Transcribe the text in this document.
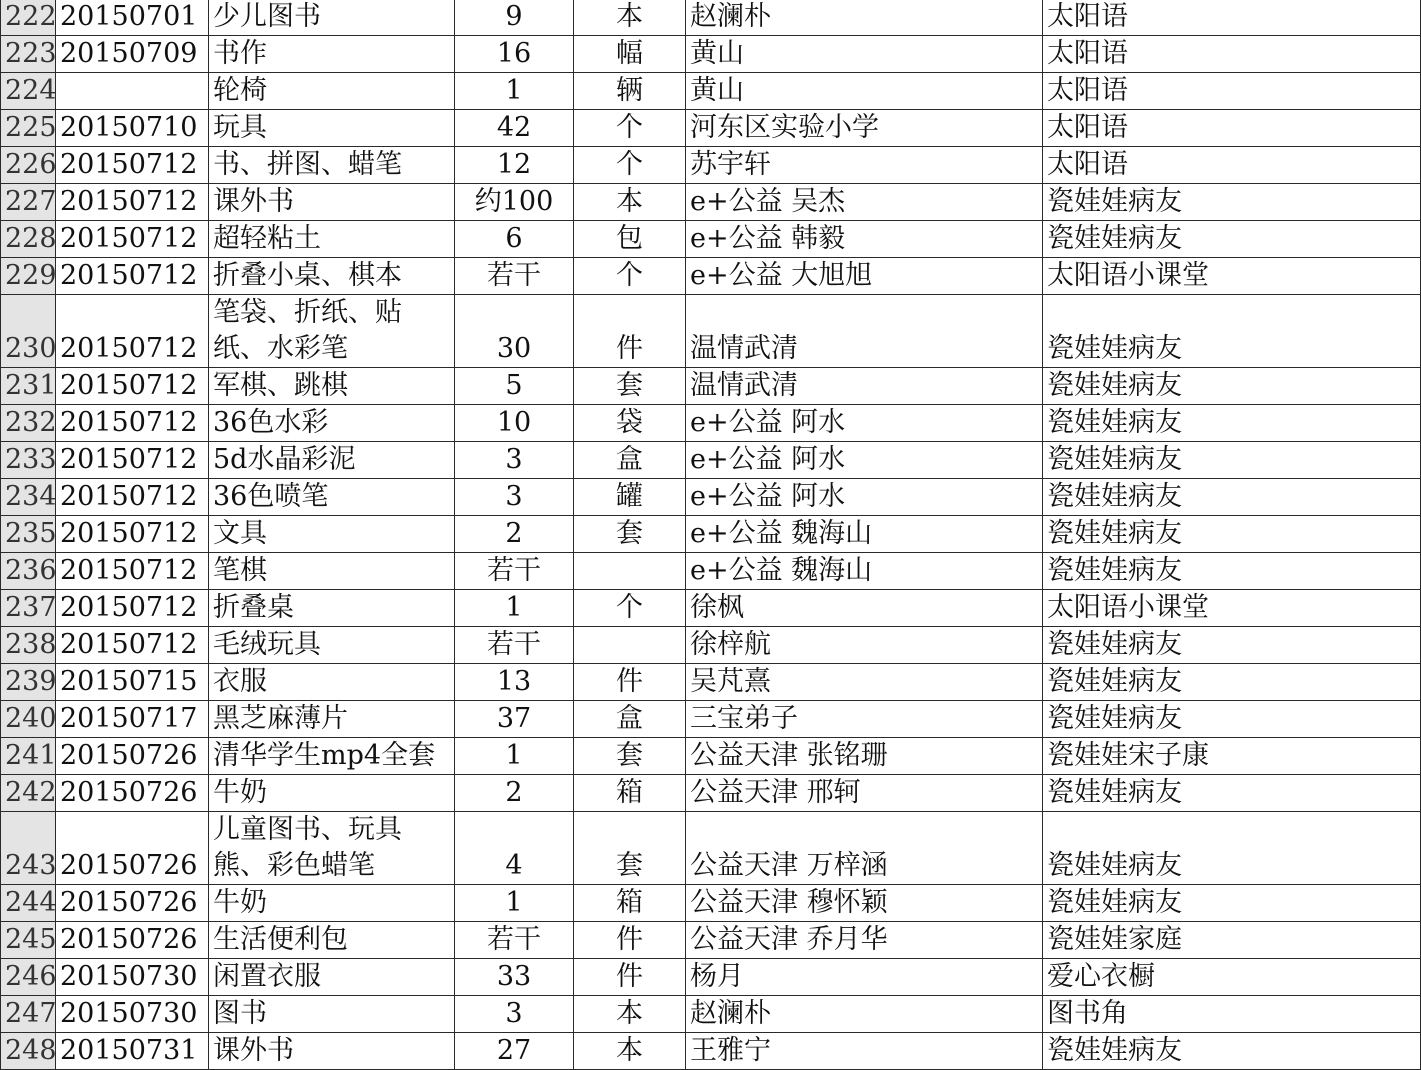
222	20150701	少儿图书	9	本	赵澜朴	太阳语

223	20150709	书作	16	幅	黄山	太阳语

224		轮椅	1	辆	黄山	太阳语

225	20150710	玩具	42	个	河东区实验小学	太阳语

226	20150712	书、拼图、蜡笔	12	个	苏宇轩	太阳语

227	20150712	课外书	约100	本	e+公益 吴杰	瓷娃娃病友

228	20150712	超轻粘土	6	包	e+公益 韩毅	瓷娃娃病友

229	20150712	折叠小桌、棋本	若干	个	e+公益 大旭旭	太阳语小课堂

230	20150712	笔袋、折纸、贴纸、水彩笔	30	件	温情武清	瓷娃娃病友

231	20150712	军棋、跳棋	5	套	温情武清	瓷娃娃病友

232	20150712	36色水彩	10	袋	e+公益 阿水	瓷娃娃病友

233	20150712	5d水晶彩泥	3	盒	e+公益 阿水	瓷娃娃病友

234	20150712	36色喷笔	3	罐	e+公益 阿水	瓷娃娃病友

235	20150712	文具	2	套	e+公益 魏海山	瓷娃娃病友

236	20150712	笔棋	若干		e+公益 魏海山	瓷娃娃病友

237	20150712	折叠桌	1	个	徐枫	太阳语小课堂

238	20150712	毛绒玩具	若干		徐梓航	瓷娃娃病友

239	20150715	衣服	13	件	吴芃熹	瓷娃娃病友

240	20150717	黑芝麻薄片	37	盒	三宝弟子	瓷娃娃病友

241	20150726	清华学生mp4全套	1	套	公益天津 张铭珊	瓷娃娃宋子康

242	20150726	牛奶	2	箱	公益天津 邢轲	瓷娃娃病友

243	20150726	儿童图书、玩具熊、彩色蜡笔	4	套	公益天津 万梓涵	瓷娃娃病友

244	20150726	牛奶	1	箱	公益天津 穆怀颖	瓷娃娃病友

245	20150726	生活便利包	若干	件	公益天津 乔月华	瓷娃娃家庭

246	20150730	闲置衣服	33	件	杨月	爱心衣橱

247	20150730	图书	3	本	赵澜朴	图书角

248	20150731	课外书	27	本	王雅宁	瓷娃娃病友
